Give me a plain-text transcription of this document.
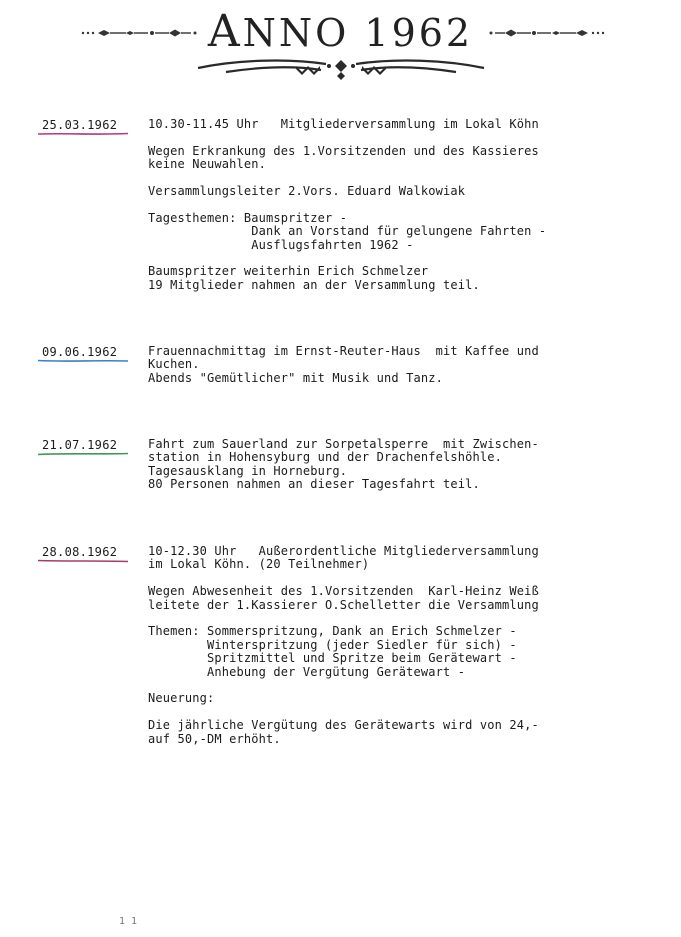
ANNO 1962
25.03.1962	10.30-11.45 Uhr   Mitgliederversammlung im Lokal Köhn
Wegen Erkrankung des 1.Vorsitzenden und des Kassieres
keine Neuwahlen.
Versammlungsleiter 2.Vors. Eduard Walkowiak
Tagesthemen: Baumspritzer -
Dank an Vorstand für gelungene Fahrten -
Ausflugsfahrten 1962 -
Baumspritzer weiterhin Erich Schmelzer
19 Mitglieder nahmen an der Versammlung teil.
09.06.1962	Frauennachmittag im Ernst-Reuter-Haus  mit Kaffee und
Kuchen.
Abends "Gemütlicher" mit Musik und Tanz.
21.07.1962	Fahrt zum Sauerland zur Sorpetalsperre  mit Zwischen-
station in Hohensyburg und der Drachenfelshöhle.
Tagesausklang in Horneburg.
80 Personen nahmen an dieser Tagesfahrt teil.
28.08.1962	10-12.30 Uhr   Außerordentliche Mitgliederversammlung
im Lokal Köhn. (20 Teilnehmer)
Wegen Abwesenheit des 1.Vorsitzenden  Karl-Heinz Weiß
leitete der 1.Kassierer O.Schelletter die Versammlung
Themen: Sommerspritzung, Dank an Erich Schmelzer -
Winterspritzung (jeder Siedler für sich) -
Spritzmittel und Spritze beim Gerätewart -
Anhebung der Vergütung Gerätewart -
Neuerung:
Die jährliche Vergütung des Gerätewarts wird von 24,-
auf 50,-DM erhöht.
1 1
